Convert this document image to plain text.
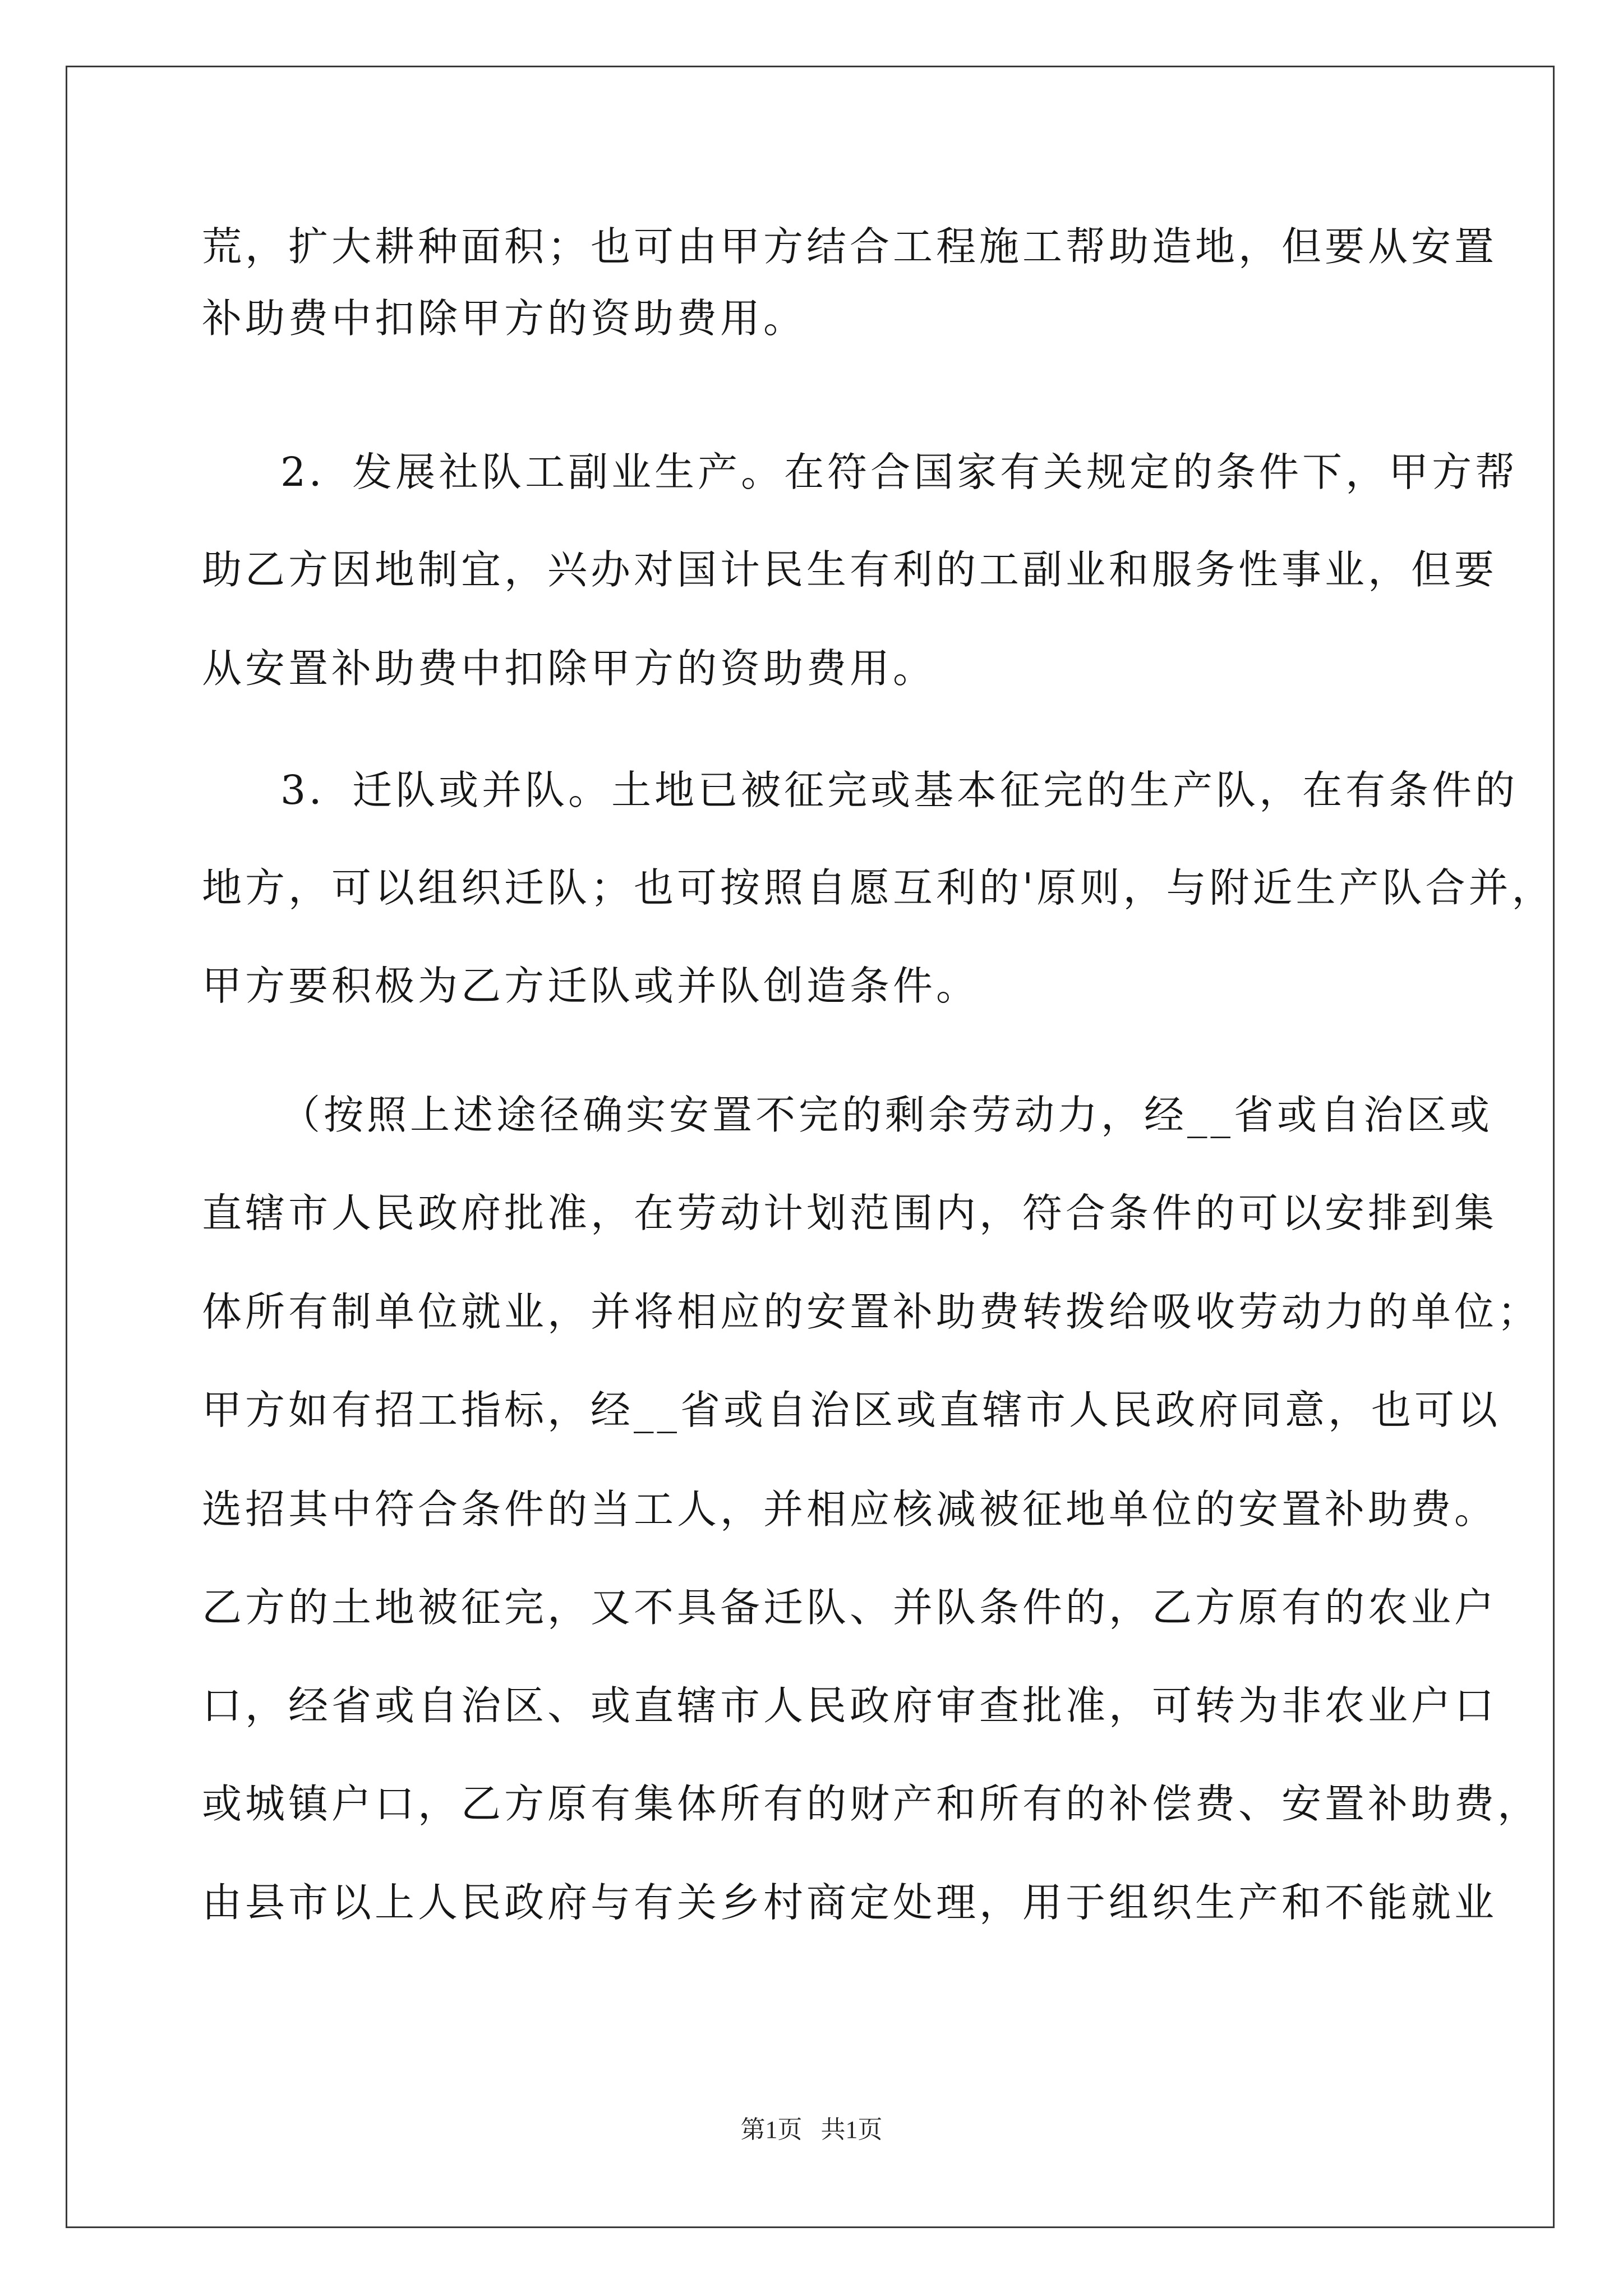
荒，扩大耕种面积；也可由甲方结合工程施工帮助造地，但要从安置
补助费中扣除甲方的资助费用。
2．发展社队工副业生产。在符合国家有关规定的条件下，甲方帮
助乙方因地制宜，兴办对国计民生有利的工副业和服务性事业，但要
从安置补助费中扣除甲方的资助费用。
3．迁队或并队。土地已被征完或基本征完的生产队，在有条件的
地方，可以组织迁队；也可按照自愿互利的'原则，与附近生产队合并，
甲方要积极为乙方迁队或并队创造条件。
（按照上述途径确实安置不完的剩余劳动力，经__省或自治区或
直辖市人民政府批准，在劳动计划范围内，符合条件的可以安排到集
体所有制单位就业，并将相应的安置补助费转拨给吸收劳动力的单位；
甲方如有招工指标，经__省或自治区或直辖市人民政府同意，也可以
选招其中符合条件的当工人，并相应核减被征地单位的安置补助费。
乙方的土地被征完，又不具备迁队、并队条件的，乙方原有的农业户
口，经省或自治区、或直辖市人民政府审查批准，可转为非农业户口
或城镇户口，乙方原有集体所有的财产和所有的补偿费、安置补助费，
由县市以上人民政府与有关乡村商定处理，用于组织生产和不能就业
第1页   共1页
